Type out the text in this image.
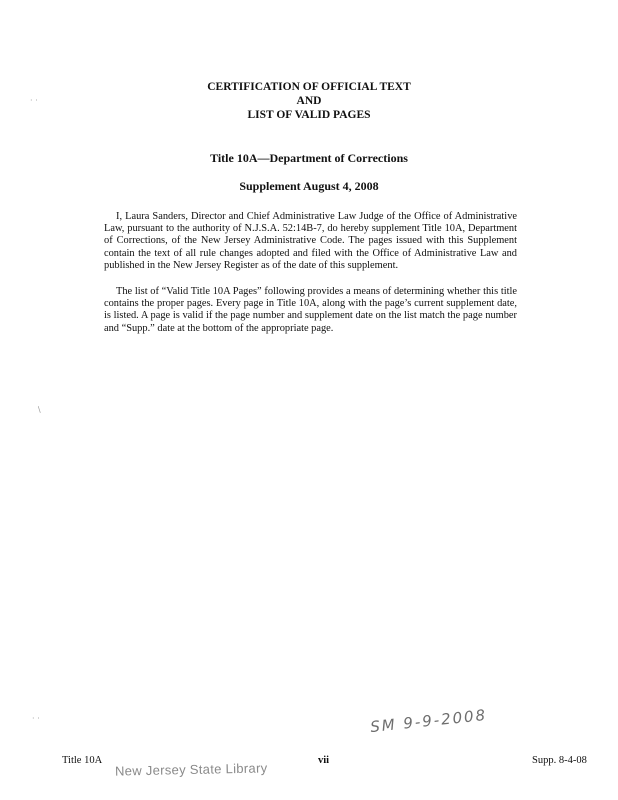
· ·
/
· ·
CERTIFICATION OF OFFICIAL TEXT
AND
LIST OF VALID PAGES
Title 10A—Department of Corrections
Supplement August 4, 2008

I, Laura Sanders, Director and Chief Administrative Law Judge of the Office of Administrative Law, pursuant to the authority of N.J.S.A. 52:14B-7, do hereby supplement Title 10A, Department of Corrections, of the New Jersey Administrative Code. The pages issued with this Supplement contain the text of all rule changes adopted and filed with the Office of Administrative Law and published in the New Jersey Register as of the date of this supplement.

The list of “Valid Title 10A Pages” following provides a means of determining whether this title contains the proper pages. Every page in Title 10A, along with the page’s current supplement date, is listed. A page is valid if the page number and supplement date on the list match the page number and “Supp.” date at the bottom of the appropriate page.

SM 9-9-2008
Title 10A New Jersey State Library	vii	Supp. 8-4-08
